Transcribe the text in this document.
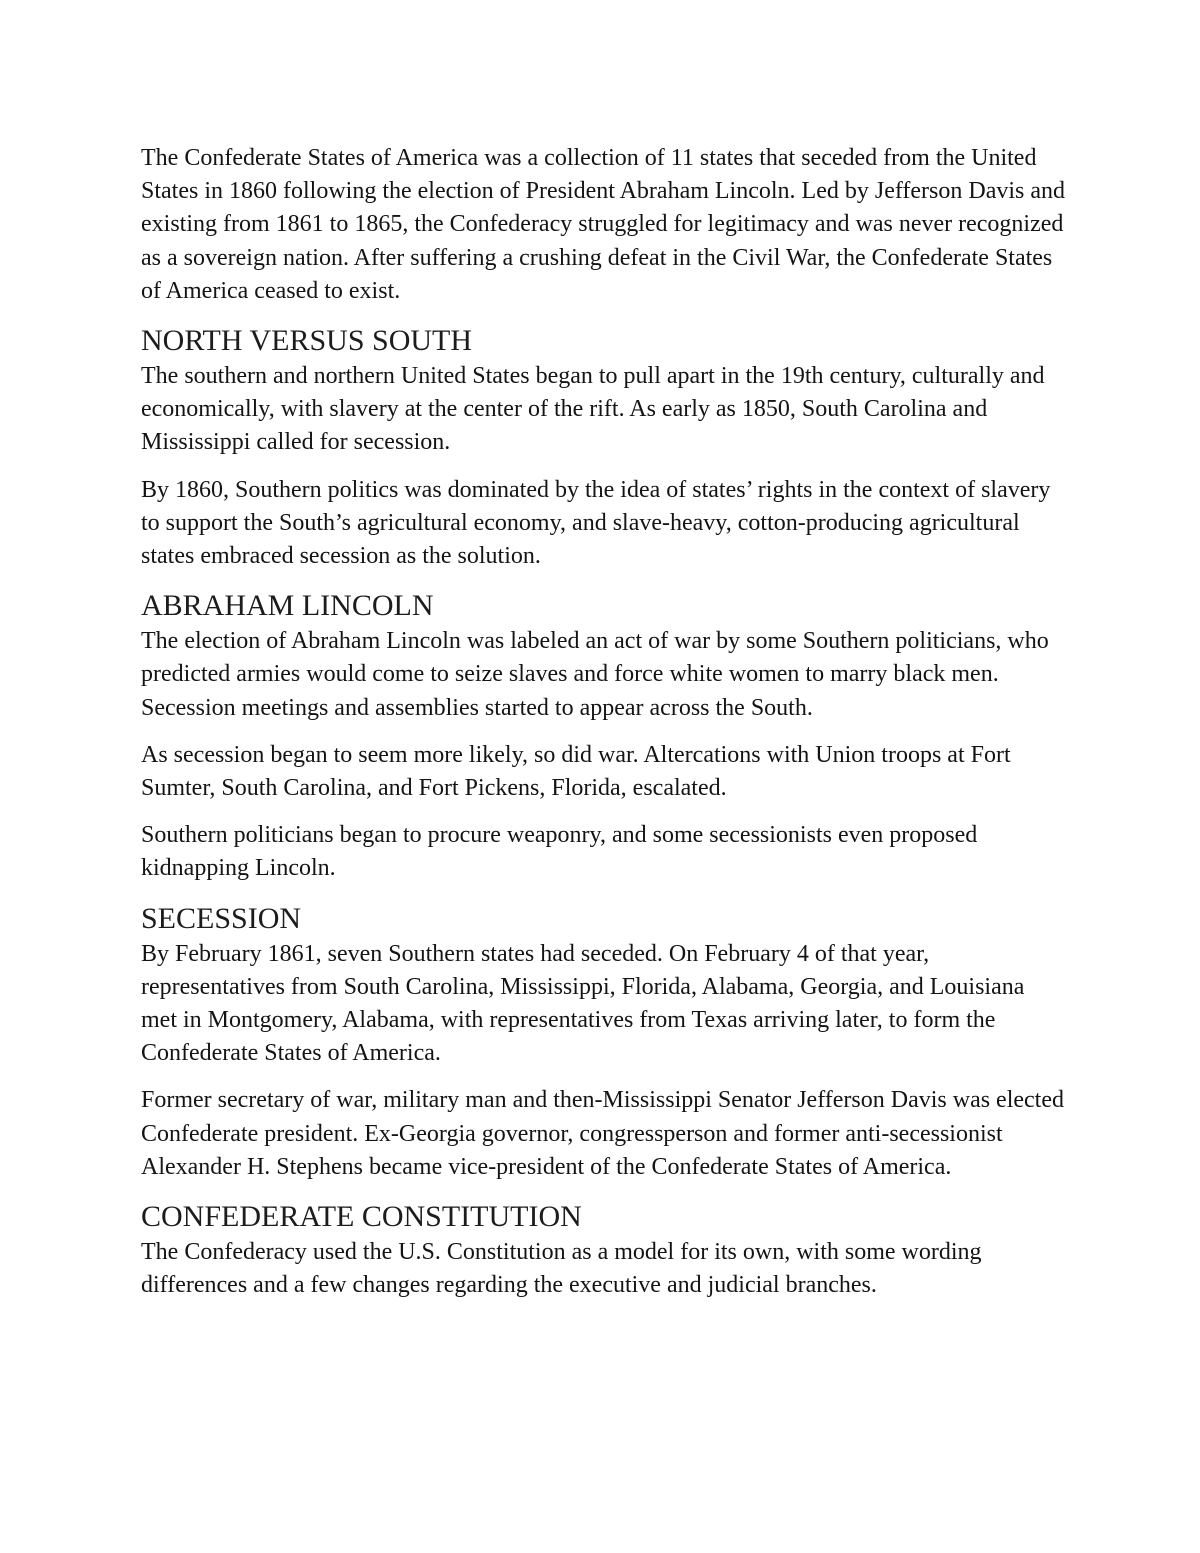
The Confederate States of America was a collection of 11 states that seceded from the United States in 1860 following the election of President Abraham Lincoln. Led by Jefferson Davis and existing from 1861 to 1865, the Confederacy struggled for legitimacy and was never recognized as a sovereign nation. After suffering a crushing defeat in the Civil War, the Confederate States of America ceased to exist.

NORTH VERSUS SOUTH

The southern and northern United States began to pull apart in the 19th century, culturally and economically, with slavery at the center of the rift. As early as 1850, South Carolina and Mississippi called for secession.

By 1860, Southern politics was dominated by the idea of states’ rights in the context of slavery to support the South’s agricultural economy, and slave-heavy, cotton-producing agricultural states embraced secession as the solution.

ABRAHAM LINCOLN

The election of Abraham Lincoln was labeled an act of war by some Southern politicians, who predicted armies would come to seize slaves and force white women to marry black men. Secession meetings and assemblies started to appear across the South.

As secession began to seem more likely, so did war. Altercations with Union troops at Fort Sumter, South Carolina, and Fort Pickens, Florida, escalated.

Southern politicians began to procure weaponry, and some secessionists even proposed kidnapping Lincoln.

SECESSION

By February 1861, seven Southern states had seceded. On February 4 of that year, representatives from South Carolina, Mississippi, Florida, Alabama, Georgia, and Louisiana met in Montgomery, Alabama, with representatives from Texas arriving later, to form the Confederate States of America.

Former secretary of war, military man and then-Mississippi Senator Jefferson Davis was elected Confederate president. Ex-Georgia governor, congressperson and former anti-secessionist Alexander H. Stephens became vice-president of the Confederate States of America.

CONFEDERATE CONSTITUTION

The Confederacy used the U.S. Constitution as a model for its own, with some wording differences and a few changes regarding the executive and judicial branches.
